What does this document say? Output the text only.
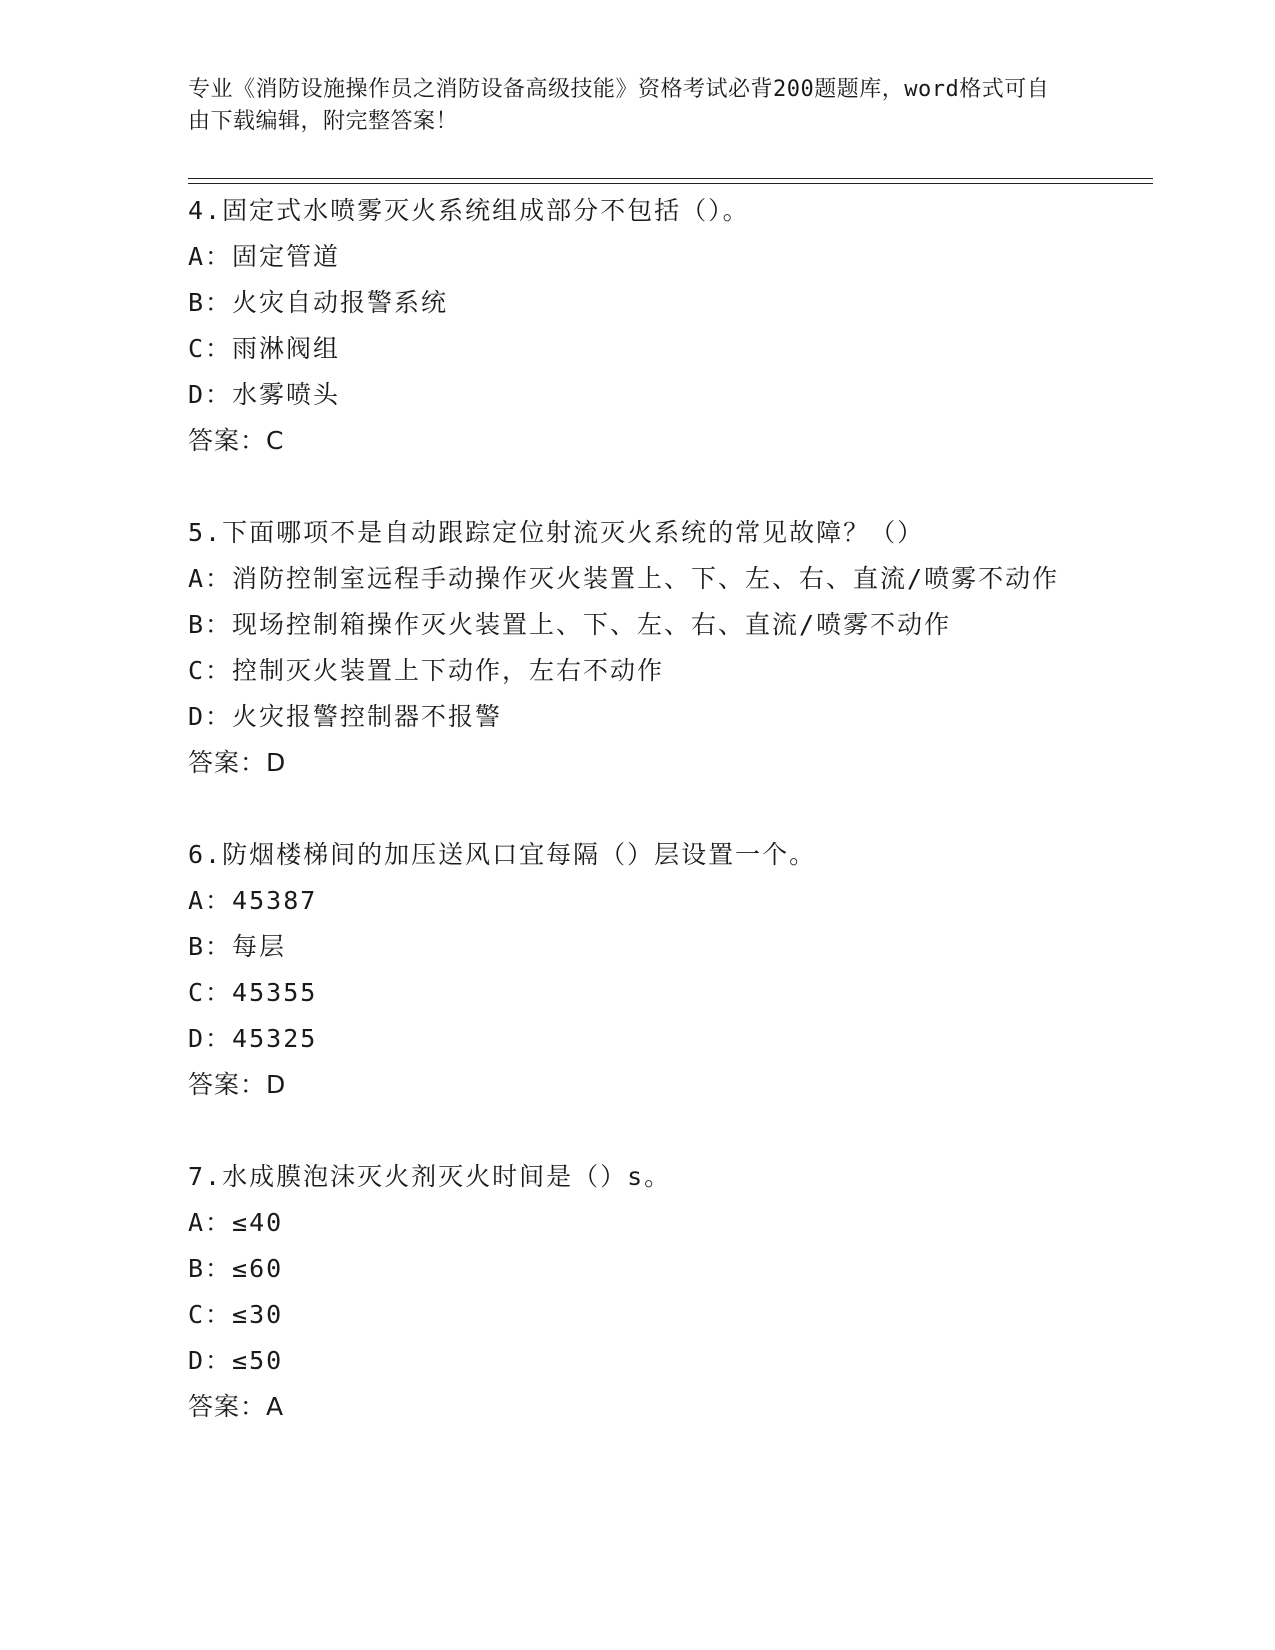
专业《消防设施操作员之消防设备高级技能》资格考试必背200题题库，word格式可自由下载编辑，附完整答案！
4.固定式水喷雾灭火系统组成部分不包括（）。
A：固定管道
B：火灾自动报警系统
C：雨淋阀组
D：水雾喷头
答案：C
5.下面哪项不是自动跟踪定位射流灭火系统的常见故障？（）
A：消防控制室远程手动操作灭火装置上、下、左、右、直流/喷雾不动作
B：现场控制箱操作灭火装置上、下、左、右、直流/喷雾不动作
C：控制灭火装置上下动作，左右不动作
D：火灾报警控制器不报警
答案：D
6.防烟楼梯间的加压送风口宜每隔（）层设置一个。
A：45387
B：每层
C：45355
D：45325
答案：D
7.水成膜泡沫灭火剂灭火时间是（）s。
A：≤40
B：≤60
C：≤30
D：≤50
答案：A
